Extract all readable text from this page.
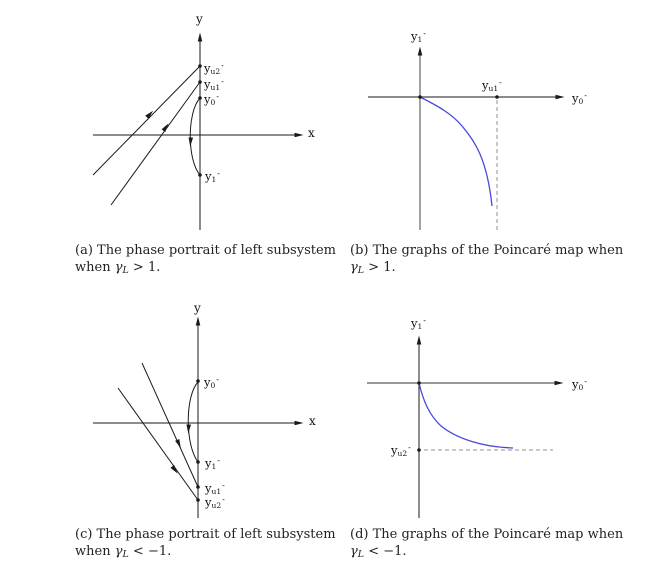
y
x
$y_{u2}^-$
$y_{u1}^-$
$y_0^-$
$y_1^-$
$y_1^-$
$y_0^-$
$y_{u1}^-$
y
x
$y_0^-$
$y_1^-$
$y_{u1}^-$
$y_{u2}^-$
$y_1^-$
$y_0^-$
$y_{u2}^-$
(a) The phase portrait of left subsystem
when $\gamma_L > 1$.
(b) The graphs of the Poincaré map when
$\gamma_L > 1$.
(c) The phase portrait of left subsystem
when $\gamma_L < -1$.
(d) The graphs of the Poincaré map when
$\gamma_L < -1$.
